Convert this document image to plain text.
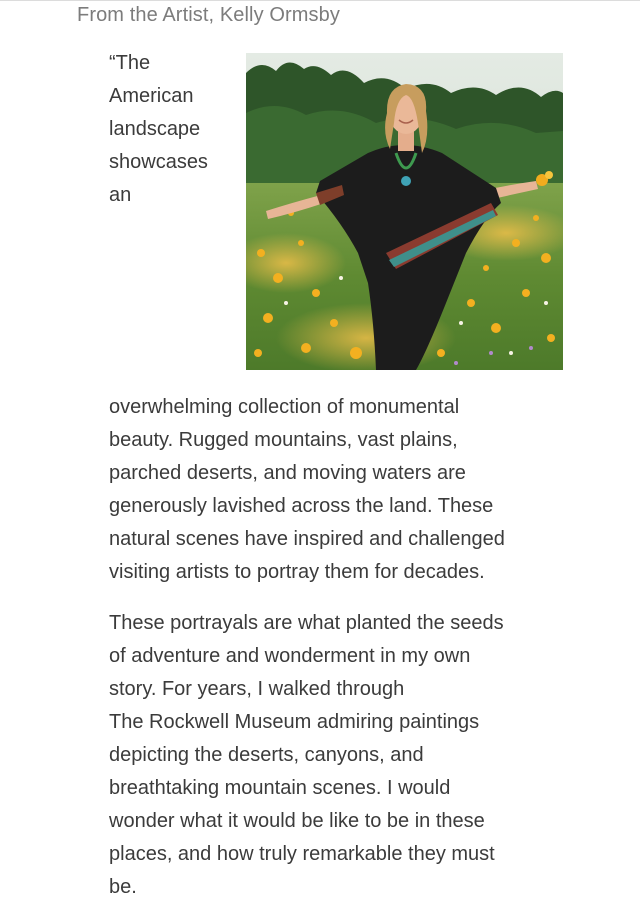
From the Artist, Kelly Ormsby
“The
American
landscape
showcases
an

overwhelming collection of monumental

beauty. Rugged mountains, vast plains,

parched deserts, and moving waters are

generously lavished across the land. These

natural scenes have inspired and challenged

visiting artists to portray them for decades.

These portrayals are what planted the seeds

of adventure and wonderment in my own

story. For years, I walked through

The Rockwell Museum admiring paintings

depicting the deserts, canyons, and

breathtaking mountain scenes. I would

wonder what it would be like to be in these

places, and how truly remarkable they must

be.
